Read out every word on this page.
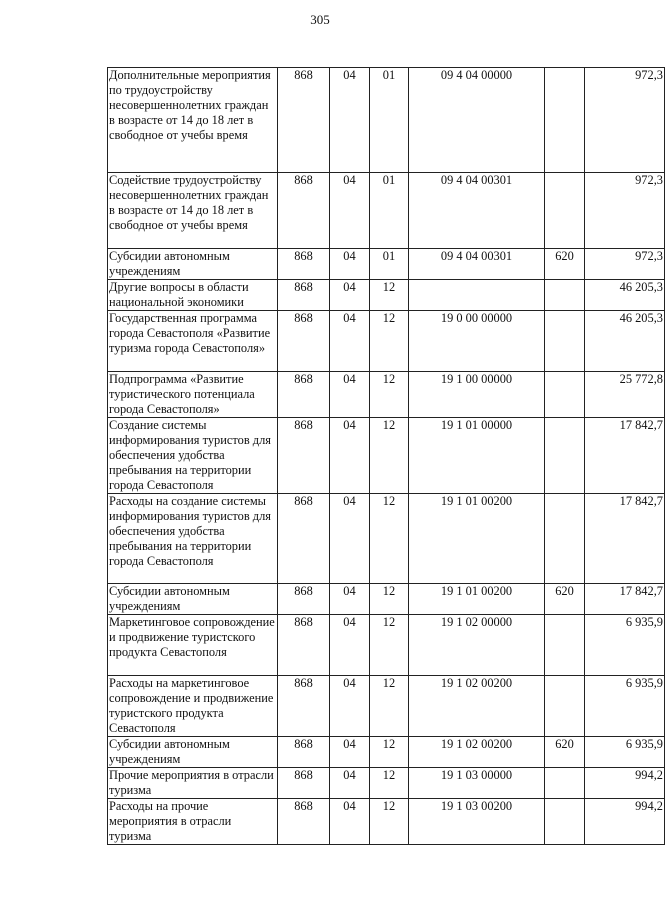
305
Дополнительные мероприятия по трудоустройству несовершеннолетних граждан в возрасте от 14 до 18 лет в свободное от учебы время	868	04	01	09 4 04 00000		972,3
Содействие трудоустройству несовершеннолетних граждан в возрасте от 14 до 18 лет в свободное от учебы время	868	04	01	09 4 04 00301		972,3
Субсидии автономным учреждениям	868	04	01	09 4 04 00301	620	972,3
Другие вопросы в области национальной экономики	868	04	12			46 205,3
Государственная программа города Севастополя «Развитие туризма города Севастополя»	868	04	12	19 0 00 00000		46 205,3
Подпрограмма «Развитие туристического потенциала города Севастополя»	868	04	12	19 1 00 00000		25 772,8
Создание системы информирования туристов для обеспечения удобства пребывания на территории города Севастополя	868	04	12	19 1 01 00000		17 842,7
Расходы на создание системы информирования туристов для обеспечения удобства пребывания на территории города Севастополя	868	04	12	19 1 01 00200		17 842,7
Субсидии автономным учреждениям	868	04	12	19 1 01 00200	620	17 842,7
Маркетинговое сопровождение и продвижение туристского продукта Севастополя	868	04	12	19 1 02 00000		6 935,9
Расходы на маркетинговое сопровождение и продвижение туристского продукта Севастополя	868	04	12	19 1 02 00200		6 935,9
Субсидии автономным учреждениям	868	04	12	19 1 02 00200	620	6 935,9
Прочие мероприятия в отрасли туризма	868	04	12	19 1 03 00000		994,2
Расходы на прочие мероприятия в отрасли туризма	868	04	12	19 1 03 00200		994,2
